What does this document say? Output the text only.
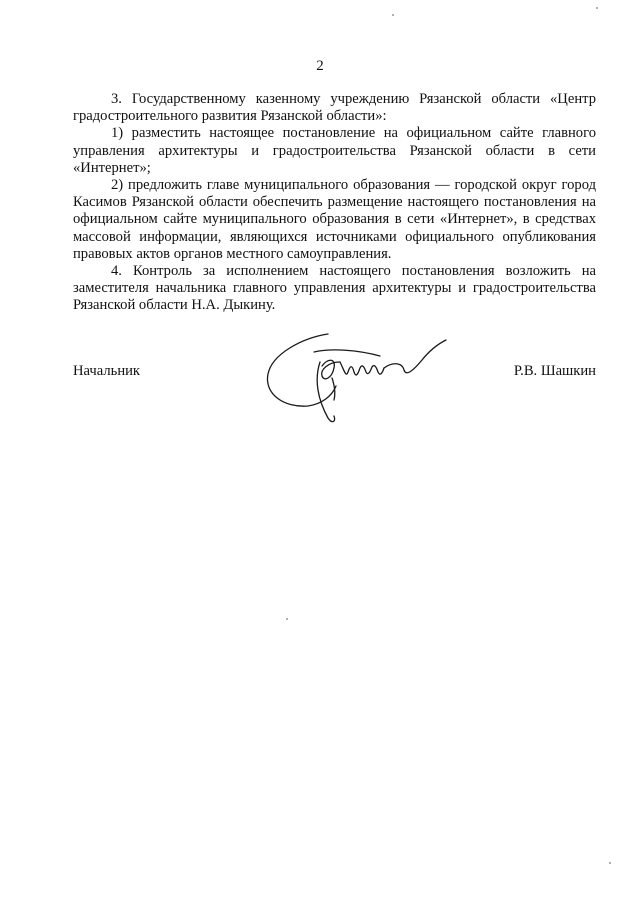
2

3. Государственному казенному учреждению Рязанской области «Центр градостроительного развития Рязанской области»:

1) разместить настоящее постановление на официальном сайте главного управления архитектуры и градостроительства Рязанской области в сети «Интернет»;

2) предложить главе муниципального образования — городской округ город Касимов Рязанской области обеспечить размещение настоящего постановления на официальном сайте муниципального образования в сети «Интернет», в средствах массовой информации, являющихся источниками официального опубликования правовых актов органов местного самоуправления.

4. Контроль за исполнением настоящего постановления возложить на заместителя начальника главного управления архитектуры и градостроительства Рязанской области Н.А. Дыкину.

Начальник	Р.В. Шашкин
